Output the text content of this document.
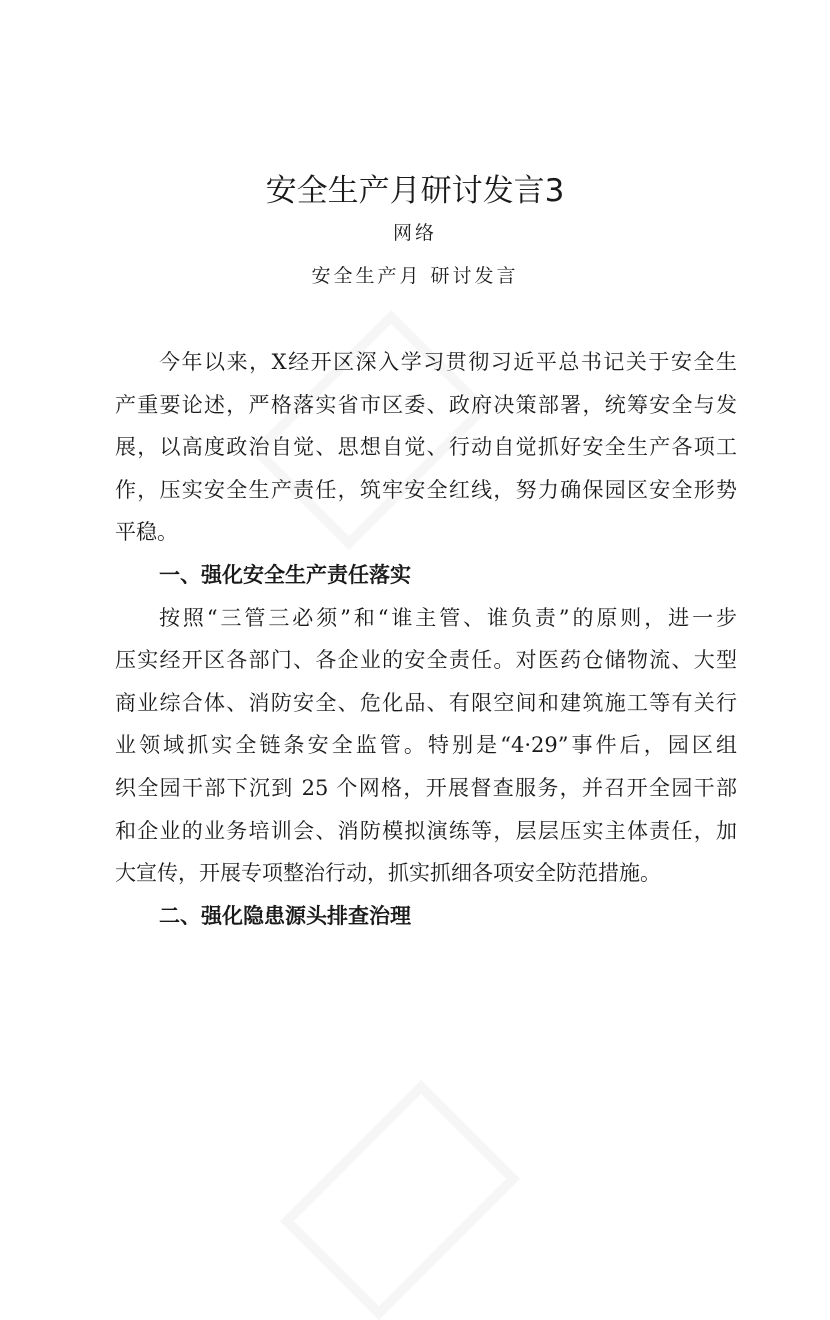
安全生产月研讨发言3
网络
安全生产月 研讨发言
今年以来，X经开区深入学习贯彻习近平总书记关于安全生
产重要论述，严格落实省市区委、政府决策部署，统筹安全与发
展，以高度政治自觉、思想自觉、行动自觉抓好安全生产各项工
作，压实安全生产责任，筑牢安全红线，努力确保园区安全形势
平稳。
一、强化安全生产责任落实
按照“三管三必须”和“谁主管、谁负责”的原则，进一步
压实经开区各部门、各企业的安全责任。对医药仓储物流、大型
商业综合体、消防安全、危化品、有限空间和建筑施工等有关行
业领域抓实全链条安全监管。特别是“4·29”事件后，园区组
织全园干部下沉到 25 个网格，开展督查服务，并召开全园干部
和企业的业务培训会、消防模拟演练等，层层压实主体责任，加
大宣传，开展专项整治行动，抓实抓细各项安全防范措施。
二、强化隐患源头排查治理
